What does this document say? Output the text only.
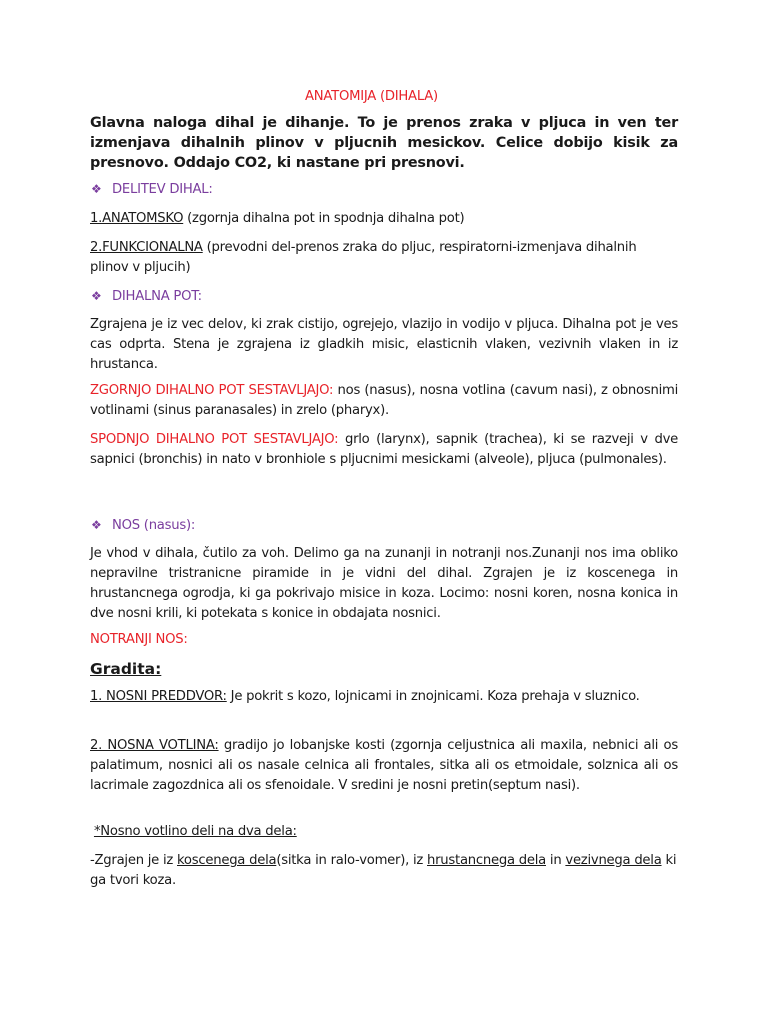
ANATOMIJA (DIHALA)
Glavna naloga dihal je dihanje. To je prenos zraka v pljuca in ven ter izmenjava dihalnih plinov v pljucnih mesickov. Celice dobijo kisik za presnovo. Oddajo CO2, ki nastane pri presnovi.
❖ DELITEV DIHAL:
1.ANATOMSKO (zgornja dihalna pot in spodnja dihalna pot)
2.FUNKCIONALNA (prevodni del-prenos zraka do pljuc, respiratorni-izmenjava dihalnih plinov v pljucih)
❖ DIHALNA POT:
Zgrajena je iz vec delov, ki zrak cistijo, ogrejejo, vlazijo in vodijo v pljuca. Dihalna pot je ves cas odprta. Stena je zgrajena iz gladkih misic, elasticnih vlaken, vezivnih vlaken in iz hrustanca.
ZGORNJO DIHALNO POT SESTAVLJAJO: nos (nasus), nosna votlina (cavum nasi), z obnosnimi votlinami (sinus paranasales) in zrelo (pharyx).
SPODNJO DIHALNO POT SESTAVLJAJO: grlo (larynx), sapnik (trachea), ki se razveji v dve sapnici (bronchis) in nato v bronhiole s pljucnimi mesickami (alveole), pljuca (pulmonales).
❖ NOS (nasus):
Je vhod v dihala, čutilo za voh. Delimo ga na zunanji in notranji nos.Zunanji nos ima obliko nepravilne tristranicne piramide in je vidni del dihal. Zgrajen je iz koscenega in hrustancnega ogrodja, ki ga pokrivajo misice in koza. Locimo: nosni koren, nosna konica in dve nosni krili, ki potekata s konice in obdajata nosnici.
NOTRANJI NOS:
Gradita:
1. NOSNI PREDDVOR: Je pokrit s kozo, lojnicami in znojnicami. Koza prehaja v sluznico.
2. NOSNA VOTLINA: gradijo jo lobanjske kosti (zgornja celjustnica ali maxila, nebnici ali os palatimum, nosnici ali os nasale celnica ali frontales, sitka ali os etmoidale, solznica ali os lacrimale zagozdnica ali os sfenoidale. V sredini je nosni pretin(septum nasi).
*Nosno votlino deli na dva dela:
-Zgrajen je iz koscenega dela(sitka in ralo-vomer), iz hrustancnega dela in vezivnega dela ki ga tvori koza.
